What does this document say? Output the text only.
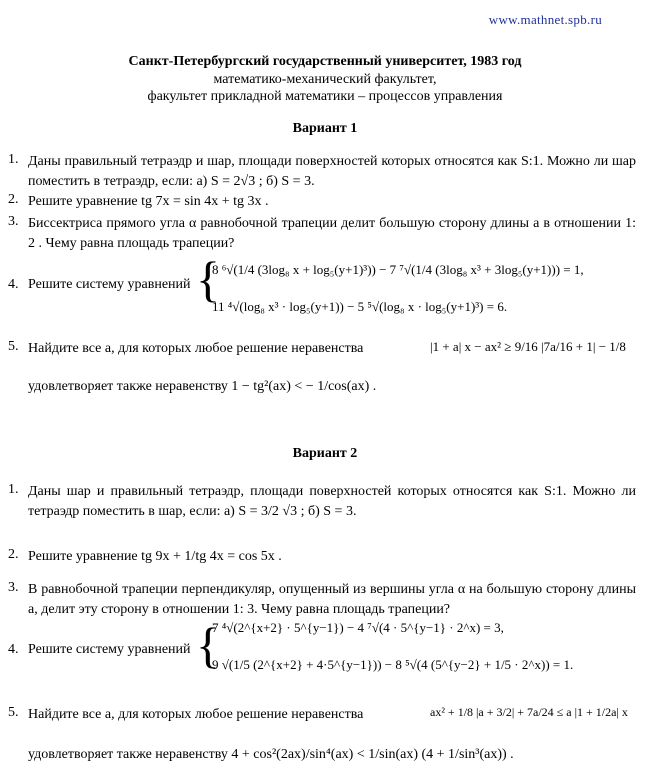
www.mathnet.spb.ru
Санкт-Петербургский государственный университет, 1983 год
математико-механический факультет,
факультет прикладной математики – процессов управления
Вариант 1
1. Даны правильный тетраэдр и шар, площади поверхностей которых относятся как S:1. Можно ли шар поместить в тетраэдр, если: а) S = 2√3 ; б) S = 3.
2. Решите уравнение tg 7x = sin 4x + tg 3x .
3. Биссектриса прямого угла α равнобочной трапеции делит большую сторону длины a в отношении 1: 2 . Чему равна площадь трапеции?
4. Решите систему уравнений {
8 ⁶√(1/4 (3log₈ x + log₅(y+1)³)) − 7 ⁷√(1/4 (3log₈ x³ + 3log₅(y+1))) = 1,
11 ⁴√(log₈ x³ · log₅(y+1)) − 5 ⁵√(log₈ x · log₅(y+1)³) = 6.
5. Найдите все a, для которых любое решение неравенства	|1 + a| x − ax² ≥ 9/16 |7a/16 + 1| − 1/8
удовлетворяет также неравенству 1 − tg²(ax) < − 1/cos(ax) .
Вариант 2
1. Даны шар и правильный тетраэдр, площади поверхностей которых относятся как S:1. Можно ли тетраэдр поместить в шар, если: а) S = 3/2 √3 ; б) S = 3.
2. Решите уравнение tg 9x + 1/tg 4x = cos 5x .
3. В равнобочной трапеции перпендикуляр, опущенный из вершины угла α на большую сторону длины a, делит эту сторону в отношении 1: 3. Чему равна площадь трапеции?
4. Решите систему уравнений {
7 ⁴√(2^{x+2} · 5^{y−1}) − 4 ⁷√(4 · 5^{y−1} · 2^x) = 3,
9 √(1/5 (2^{x+2} + 4·5^{y−1})) − 8 ⁵√(4 (5^{y−2} + 1/5 · 2^x)) = 1.
5. Найдите все a, для которых любое решение неравенства	ax² + 1/8 |a + 3/2| + 7a/24 ≤ a |1 + 1/2a| x
удовлетворяет также неравенству 4 + cos²(2ax)/sin⁴(ax) < 1/sin(ax) (4 + 1/sin³(ax)) .
